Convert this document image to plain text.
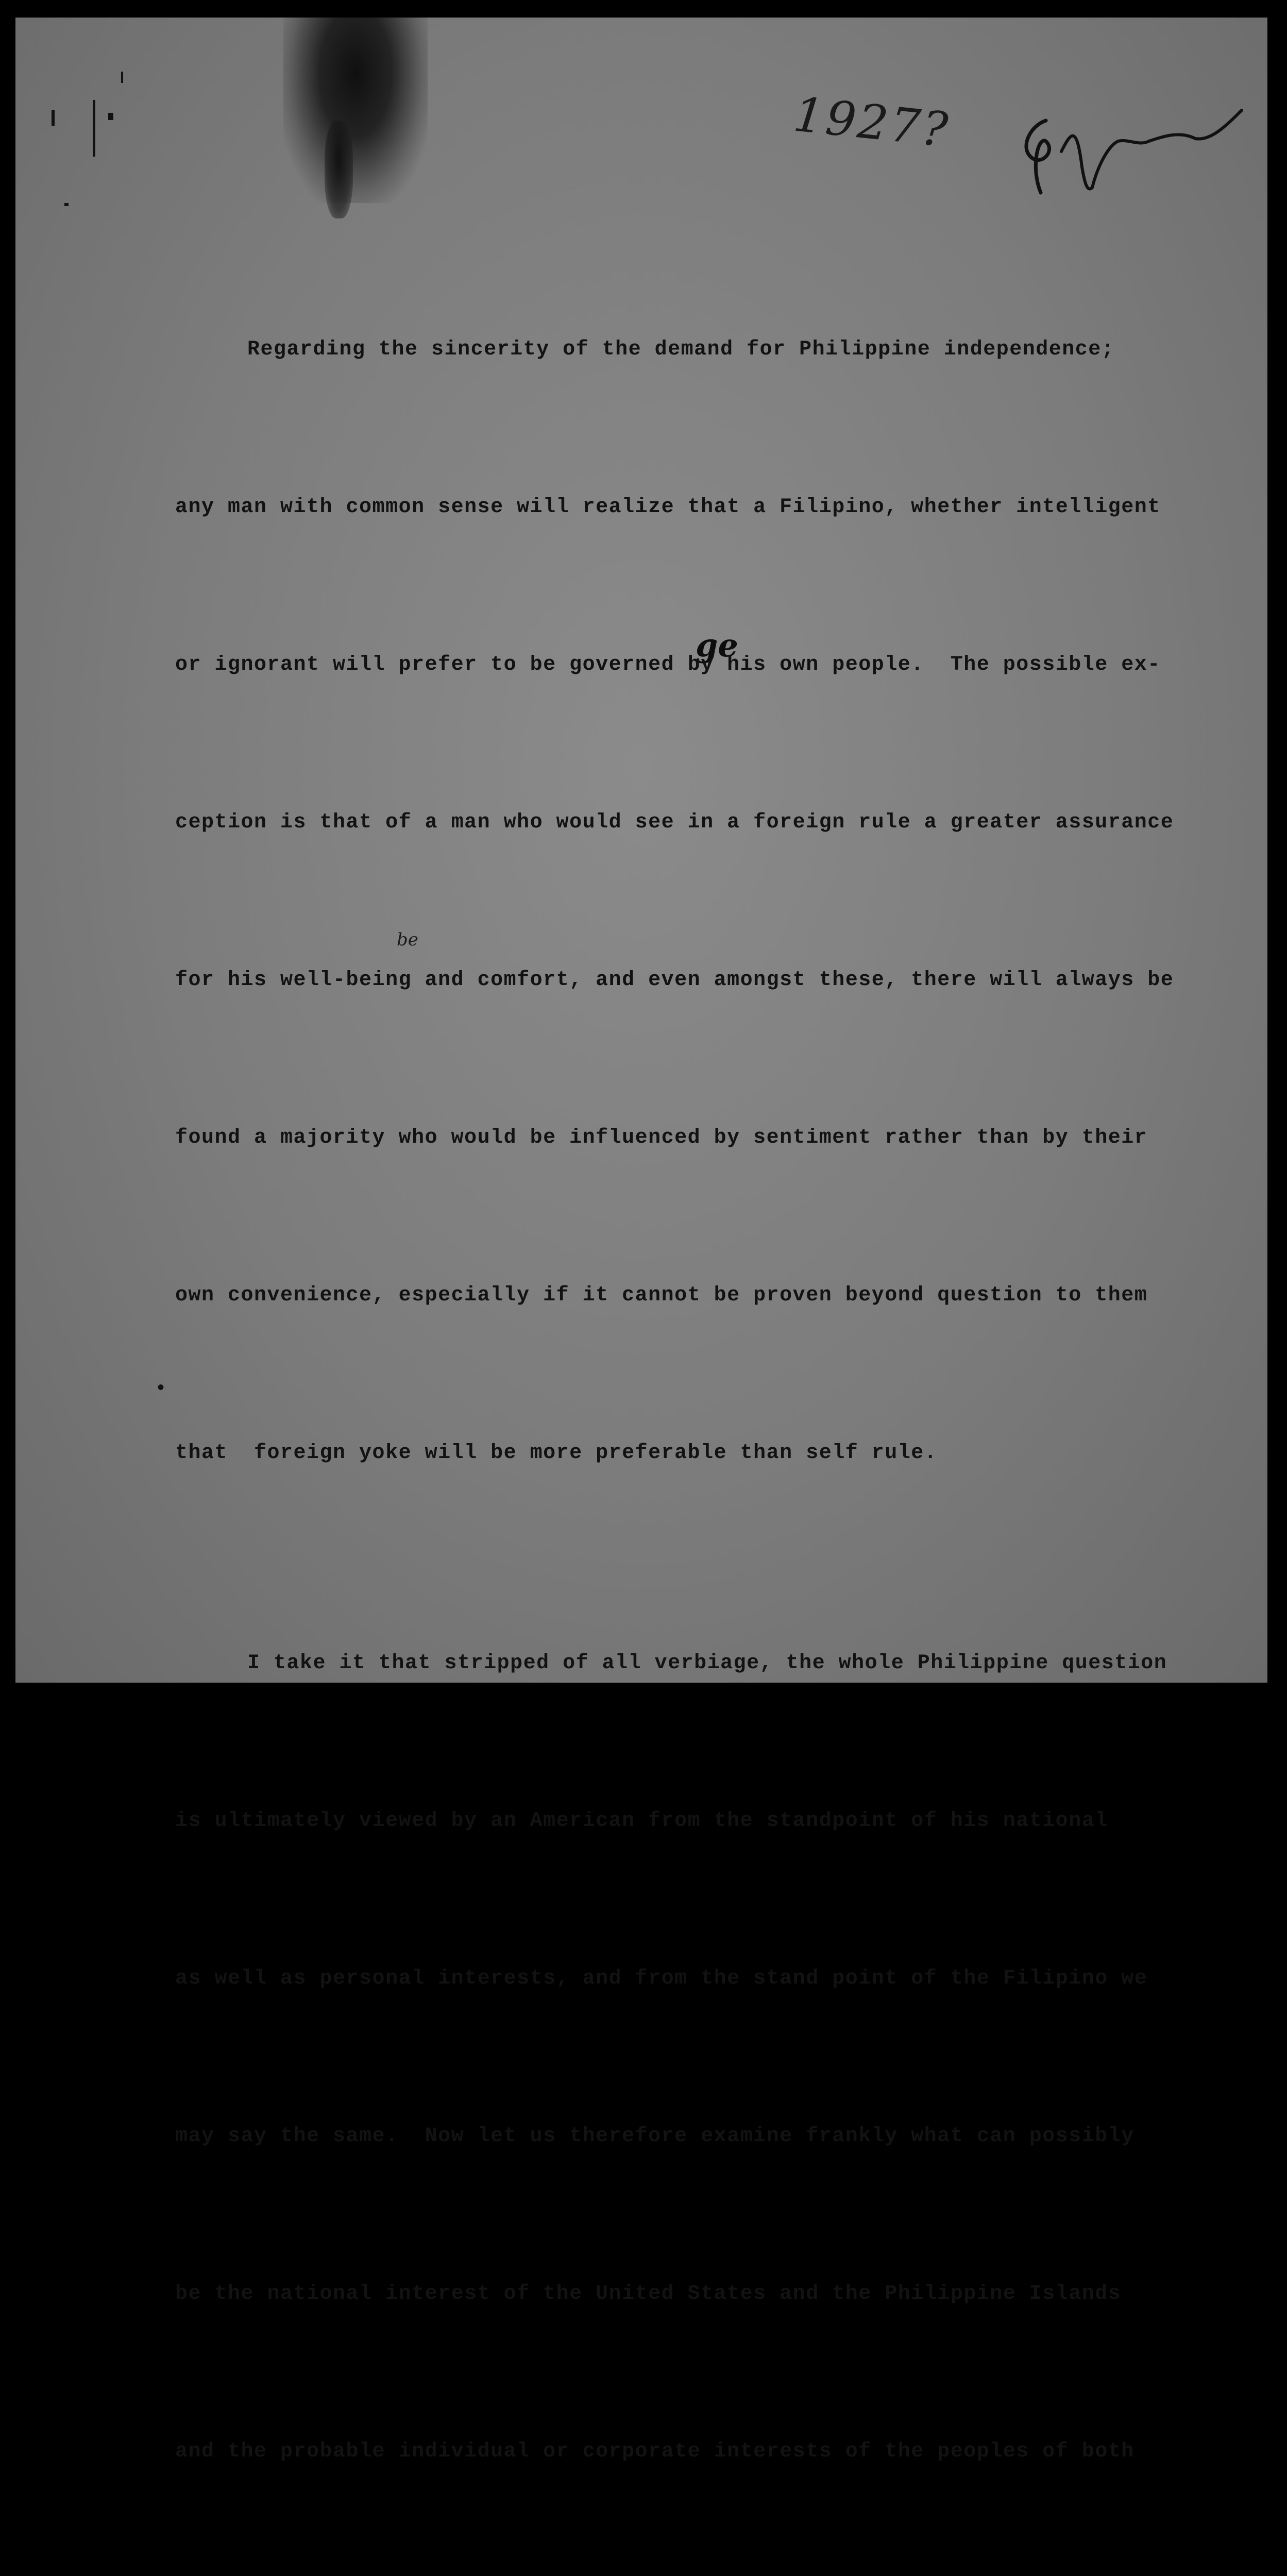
1927?
Sgd
ge
be
•

Regarding the sincerity of the demand for Philippine independence;

any man with common sense will realize that a Filipino, whether intelligent

or ignorant will prefer to be governed by his own people.  The possible ex-

ception is that of a man who would see in a foreign rule a greater assurance

for his well-being and comfort, and even amongst these, there will always be

found a majority who would be influenced by sentiment rather than by their

own convenience, especially if it cannot be proven beyond question to them

that  foreign yoke will be more preferable than self rule.

I take it that stripped of all verbiage, the whole Philippine question

is ultimately viewed by an American from the standpoint of his national

as well as personal interests, and from the stand point of the Filipino we

may say the same.  Now let us therefore examine frankly what can possibly

be the national interest of the United States and the Philippine Islands

and the probable individual or corporate interests of the peoples of both
